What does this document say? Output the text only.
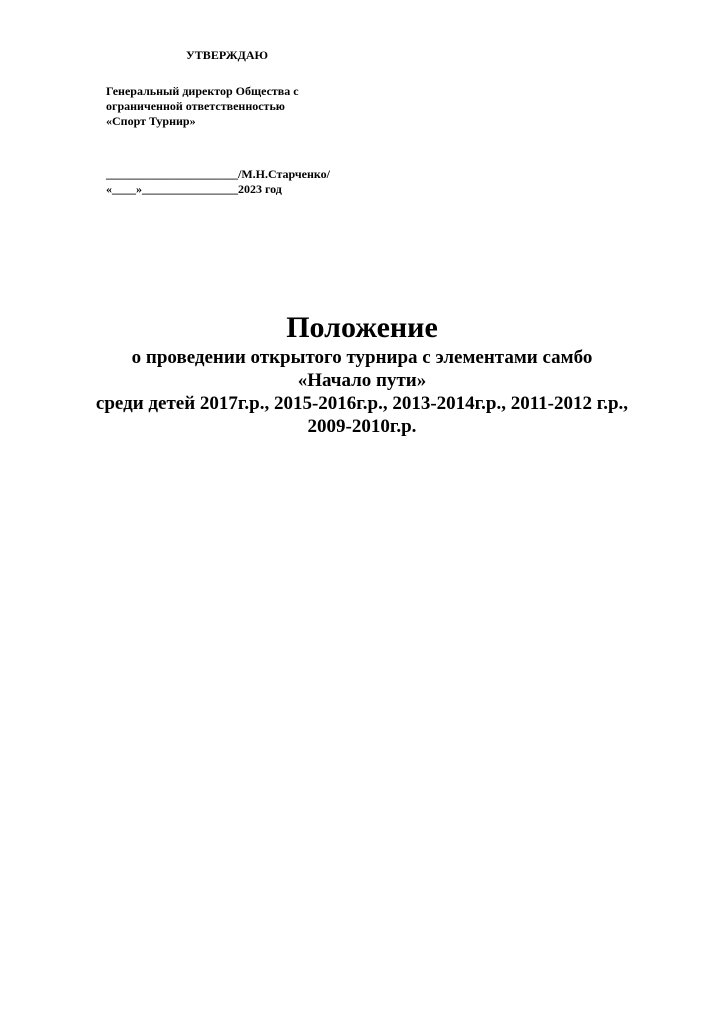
УТВЕРЖДАЮ
Генеральный директор Общества с
ограниченной ответственностью
«Спорт Турнир»
______________________/М.Н.Старченко/
«____»________________2023 год
Положение
о проведении открытого турнира с элементами самбо
«Начало пути»
среди детей 2017г.р., 2015-2016г.р., 2013-2014г.р., 2011-2012 г.р.,
2009-2010г.р.
